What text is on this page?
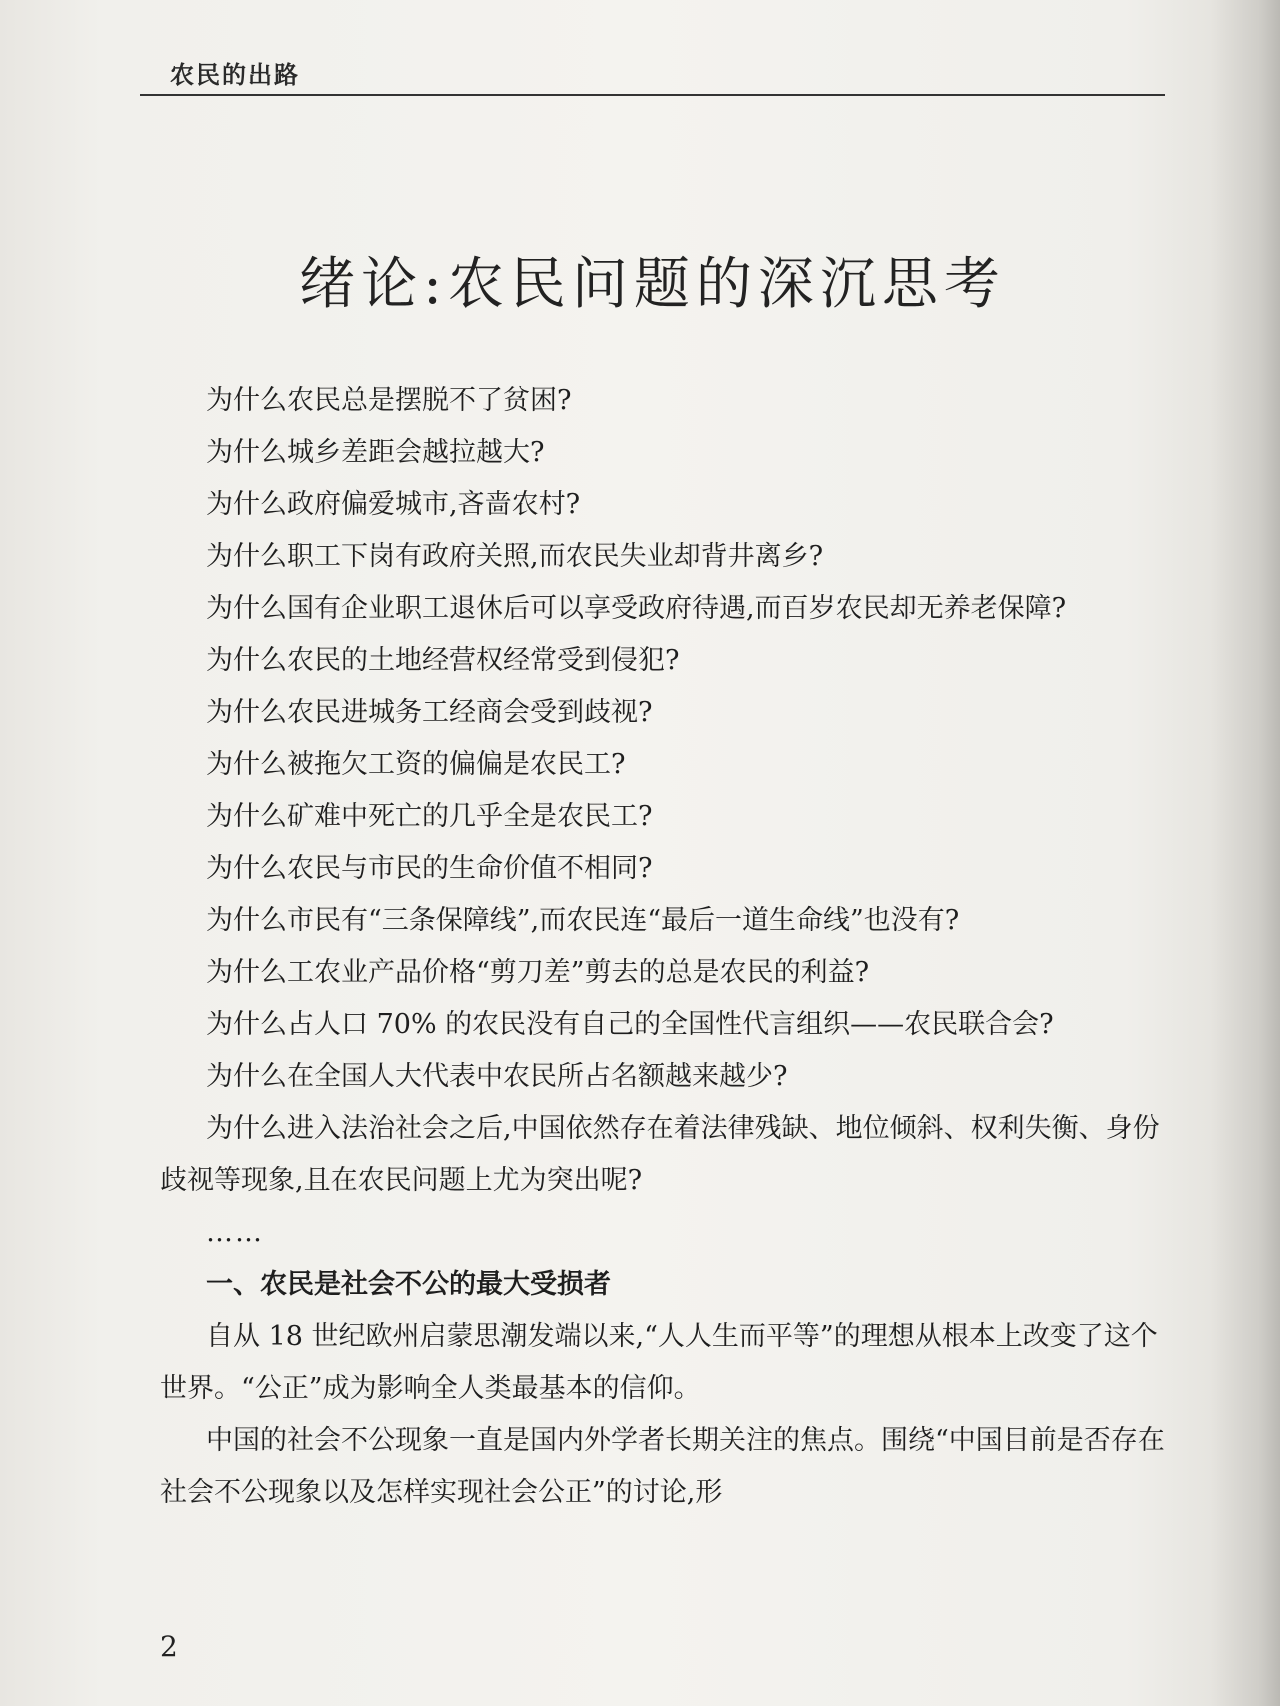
农民的出路
绪论:农民问题的深沉思考

为什么农民总是摆脱不了贫困?

为什么城乡差距会越拉越大?

为什么政府偏爱城市,吝啬农村?

为什么职工下岗有政府关照,而农民失业却背井离乡?

为什么国有企业职工退休后可以享受政府待遇,而百岁农民却无养老保障?

为什么农民的土地经营权经常受到侵犯?

为什么农民进城务工经商会受到歧视?

为什么被拖欠工资的偏偏是农民工?

为什么矿难中死亡的几乎全是农民工?

为什么农民与市民的生命价值不相同?

为什么市民有“三条保障线”,而农民连“最后一道生命线”也没有?

为什么工农业产品价格“剪刀差”剪去的总是农民的利益?

为什么占人口 70% 的农民没有自己的全国性代言组织——农民联合会?

为什么在全国人大代表中农民所占名额越来越少?

为什么进入法治社会之后,中国依然存在着法律残缺、地位倾斜、权利失衡、身份歧视等现象,且在农民问题上尤为突出呢?

……

一、农民是社会不公的最大受损者

自从 18 世纪欧州启蒙思潮发端以来,“人人生而平等”的理想从根本上改变了这个世界。“公正”成为影响全人类最基本的信仰。

中国的社会不公现象一直是国内外学者长期关注的焦点。围绕“中国目前是否存在社会不公现象以及怎样实现社会公正”的讨论,形

2
